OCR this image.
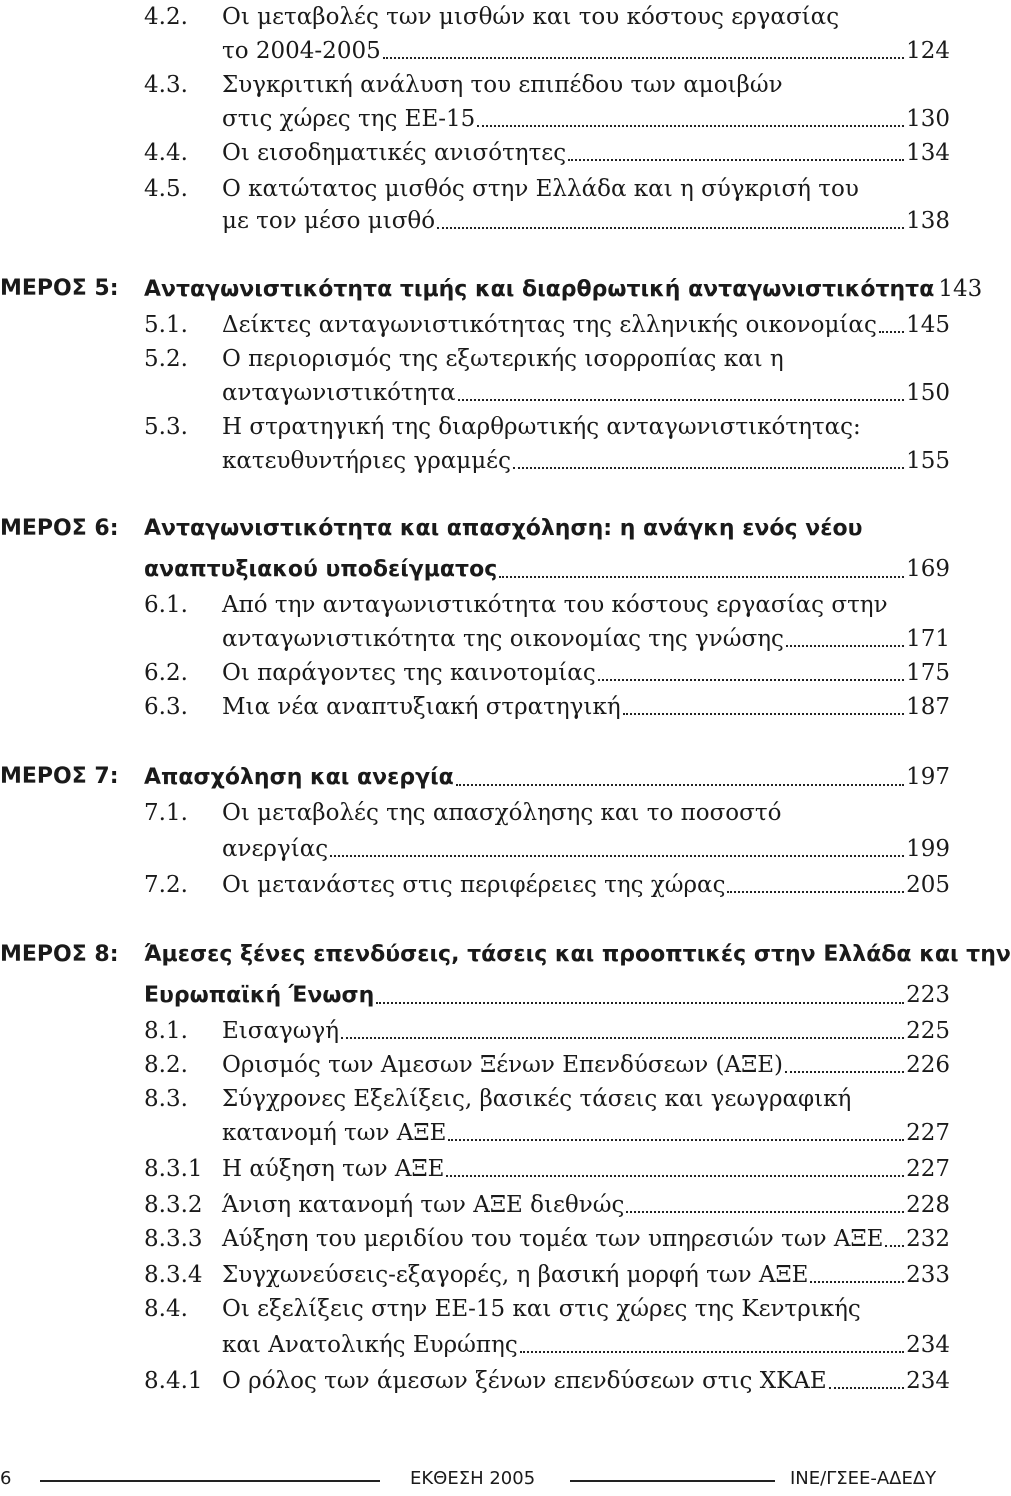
4.2. Οι μεταβολές των μισθών και του κόστους εργασίας
το 2004-2005	124
4.3. Συγκριτική ανάλυση του επιπέδου των αμοιβών
στις χώρες της ΕΕ-15	130
4.4. Οι εισοδηματικές ανισότητες	134
4.5. Ο κατώτατος μισθός στην Ελλάδα και η σύγκρισή του
με τον μέσο μισθό	138
ΜΕΡΟΣ 5: Ανταγωνιστικότητα τιμής και διαρθρωτική ανταγωνιστικότητα 143
5.1. Δείκτες ανταγωνιστικότητας της ελληνικής οικονομίας 145
5.2. Ο περιορισμός της εξωτερικής ισορροπίας και η
ανταγωνιστικότητα	150
5.3. Η στρατηγική της διαρθρωτικής ανταγωνιστικότητας:
κατευθυντήριες γραμμές	155
ΜΕΡΟΣ 6: Ανταγωνιστικότητα και απασχόληση: η ανάγκη ενός νέου
αναπτυξιακού υποδείγματος	169
6.1. Από την ανταγωνιστικότητα του κόστους εργασίας στην
ανταγωνιστικότητα της οικονομίας της γνώσης	171
6.2. Οι παράγοντες της καινοτομίας	175
6.3. Μια νέα αναπτυξιακή στρατηγική	187
ΜΕΡΟΣ 7: Απασχόληση και ανεργία	197
7.1. Οι μεταβολές της απασχόλησης και το ποσοστό
ανεργίας	199
7.2. Οι μετανάστες στις περιφέρειες της χώρας	205
ΜΕΡΟΣ 8: Άμεσες ξένες επενδύσεις, τάσεις και προοπτικές στην Ελλάδα και την
Ευρωπαϊκή Ένωση	223
8.1. Εισαγωγή	225
8.2. Ορισμός των Αμεσων Ξένων Επενδύσεων (ΑΞΕ)	226
8.3. Σύγχρονες Εξελίξεις, βασικές τάσεις και γεωγραφική
κατανομή των ΑΞΕ	227
8.3.1 Η αύξηση των ΑΞΕ	227
8.3.2 Άνιση κατανομή των ΑΞΕ διεθνώς	228
8.3.3 Αύξηση του μεριδίου του τομέα των υπηρεσιών των ΑΞΕ 232
8.3.4 Συγχωνεύσεις-εξαγορές, η βασική μορφή των ΑΞΕ	233
8.4. Οι εξελίξεις στην ΕΕ-15 και στις χώρες της Κεντρικής
και Ανατολικής Ευρώπης	234
8.4.1 Ο ρόλος των άμεσων ξένων επενδύσεων στις ΧΚΑΕ	234
6	ΕΚΘΕΣΗ 2005	ΙΝΕ/ΓΣΕΕ-ΑΔΕΔΥ
